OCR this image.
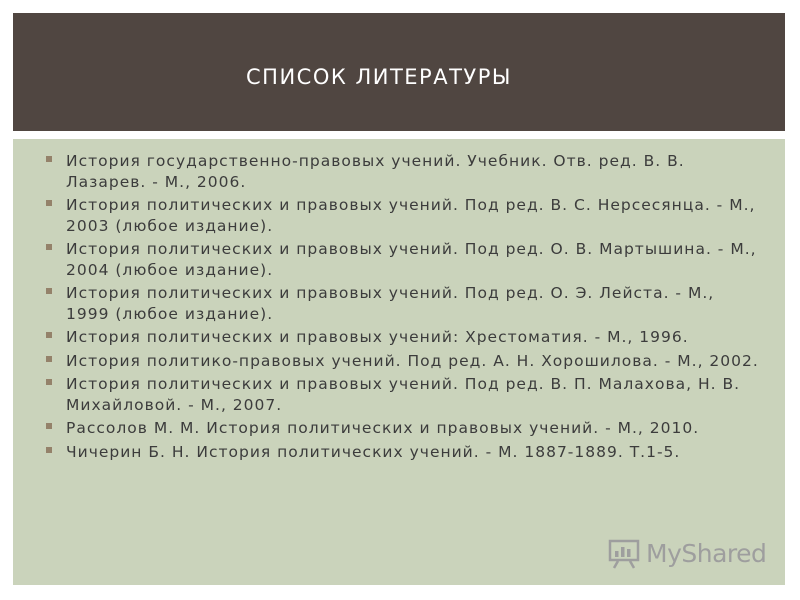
СПИСОК ЛИТЕРАТУРЫ
История государственно-правовых учений. Учебник. Отв. ред. В. В. Лазарев. - М., 2006.
История политических и правовых учений. Под ред. В. С. Нерсесянца. - М., 2003 (любое издание).
История политических и правовых учений. Под ред. О. В. Мартышина. - М., 2004 (любое издание).
История политических и правовых учений. Под ред. О. Э. Лейста. - М., 1999 (любое издание).
История политических и правовых учений: Хрестоматия. - М., 1996.
История политико-правовых учений. Под ред. А. Н. Хорошилова. - М., 2002.
История политических и правовых учений. Под ред. В. П. Малахова, Н. В. Михайловой. - М., 2007.
Рассолов М. М. История политических и правовых учений. - М., 2010.
Чичерин Б. Н. История политических учений. - М. 1887-1889. Т.1-5.
MyShared
